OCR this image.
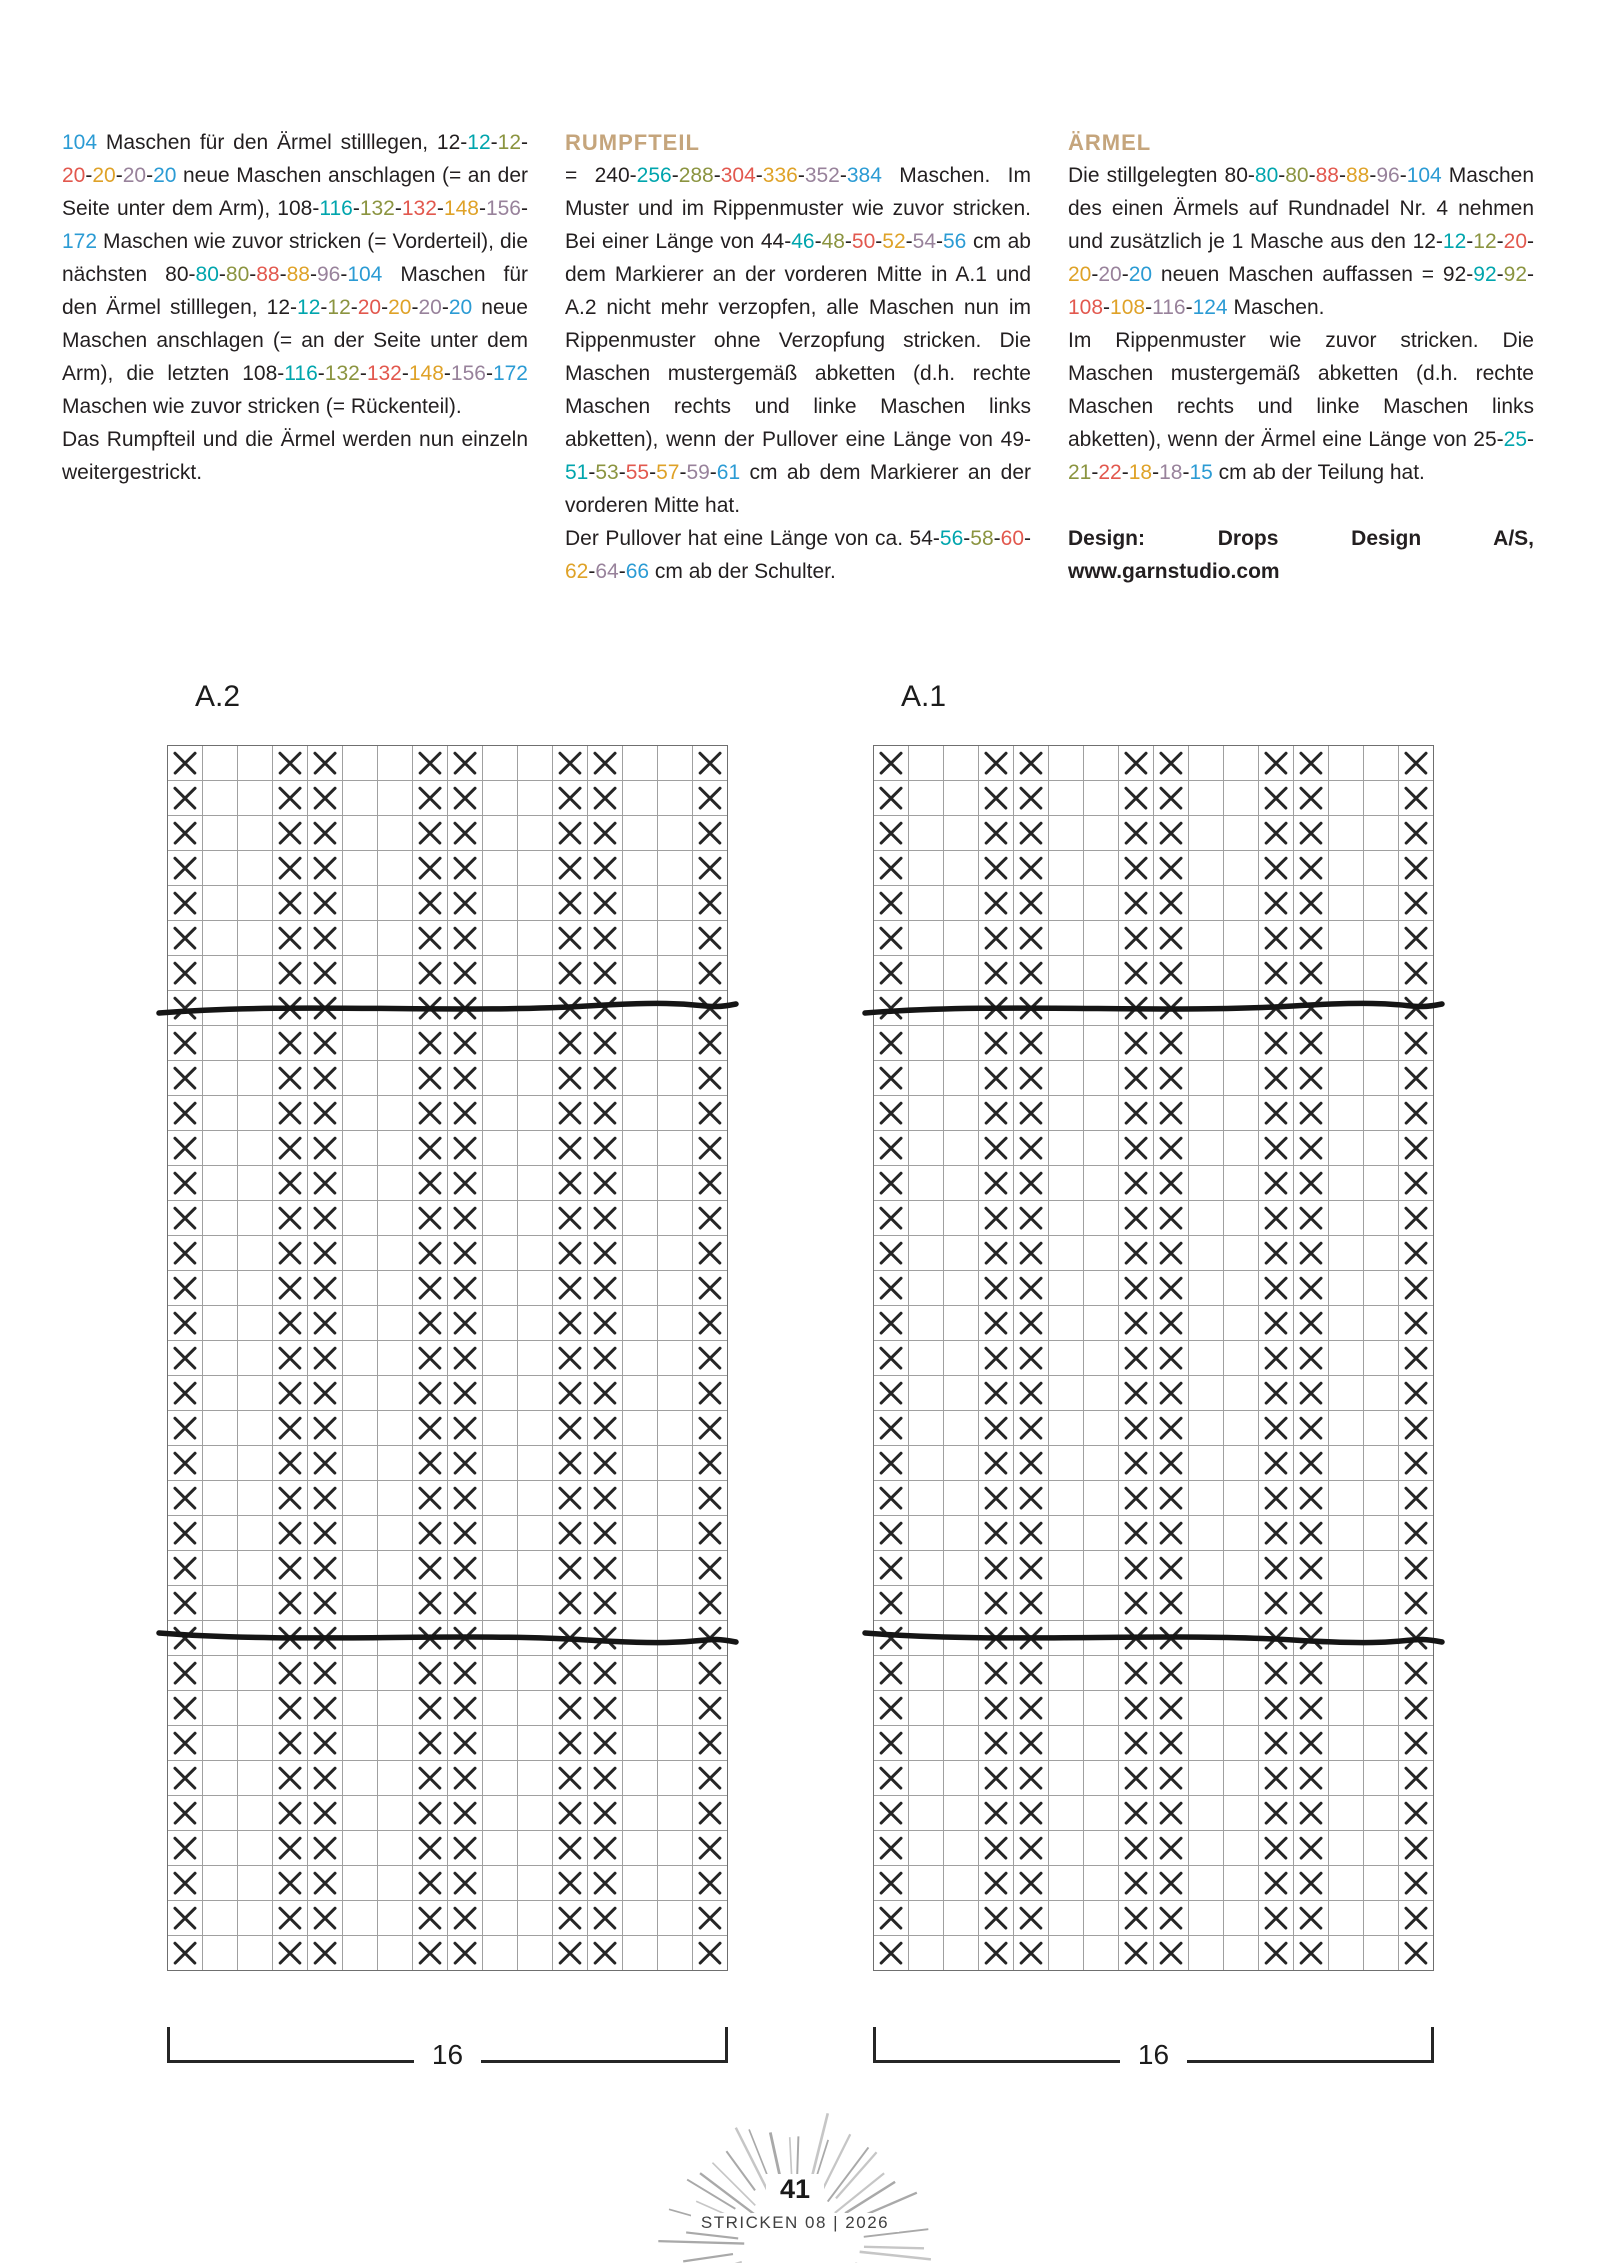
104 Maschen für den Ärmel stilllegen, 12-12-12-20-20-20-20 neue Maschen anschlagen (= an der Seite unter dem Arm), 108-116-132-132-148-156-172 Maschen wie zuvor stricken (= Vorderteil), die nächsten 80-80-80-88-88-96-104 Maschen für den Ärmel stilllegen, 12-12-12-20-20-20-20 neue Maschen anschlagen (= an der Seite unter dem Arm), die letzten 108-116-132-132-148-156-172 Maschen wie zuvor stricken (= Rückenteil).

Das Rumpfteil und die Ärmel werden nun einzeln weitergestrickt.

RUMPFTEIL

= 240-256-288-304-336-352-384 Maschen. Im Muster und im Rippenmuster wie zuvor stricken. Bei einer Länge von 44-46-48-50-52-54-56 cm ab dem Markierer an der vorderen Mitte in A.1 und A.2 nicht mehr verzopfen, alle Maschen nun im Rippenmuster ohne Verzopfung stricken. Die Maschen mustergemäß abketten (d.h. rechte Maschen rechts und linke Maschen links abketten), wenn der Pullover eine Länge von 49-51-53-55-57-59-61 cm ab dem Markierer an der vorderen Mitte hat.

Der Pullover hat eine Länge von ca. 54-56-58-60-62-64-66 cm ab der Schulter.

ÄRMEL

Die stillgelegten 80-80-80-88-88-96-104 Maschen des einen Ärmels auf Rundnadel Nr. 4 nehmen und zusätzlich je 1 Masche aus den 12-12-12-20-20-20-20 neuen Maschen auffassen = 92-92-92-108-108-116-124 Maschen.

Im Rippenmuster wie zuvor stricken. Die Maschen mustergemäß abketten (d.h. rechte Maschen rechts und linke Maschen links abketten), wenn der Ärmel eine Länge von 25-25-21-22-18-18-15 cm ab der Teilung hat.

Design: Drops Design A/S, www.garnstudio.com

A.2
16
A.1
16
41
STRICKEN 08 | 2026
